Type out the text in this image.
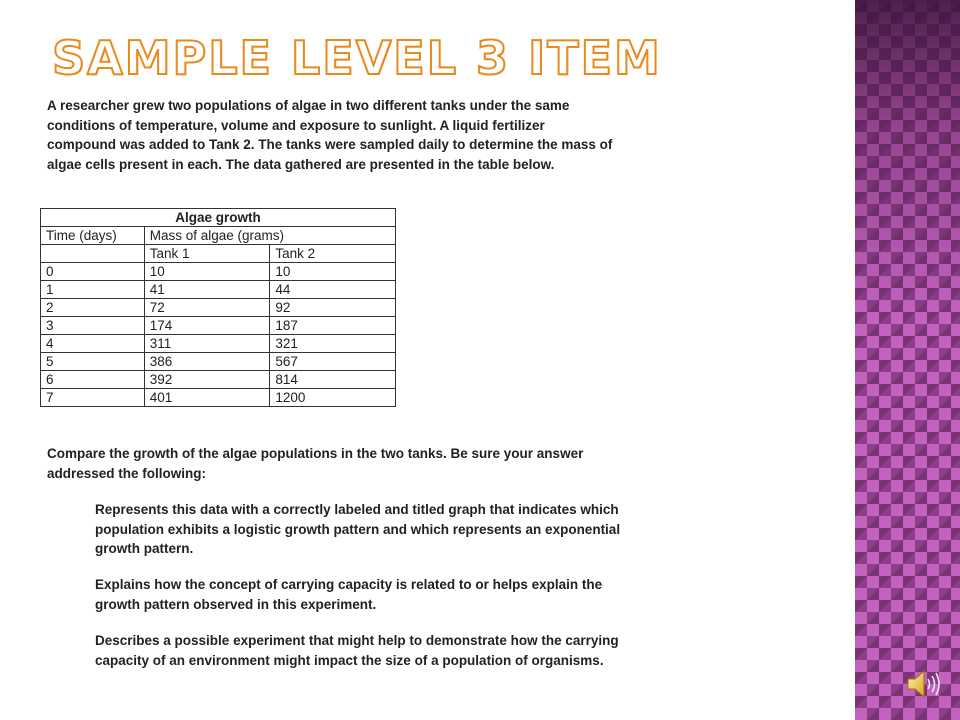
SAMPLE LEVEL 3 ITEM
A researcher grew two populations of algae in two different tanks under the same conditions of temperature, volume and exposure to sunlight. A liquid fertilizer compound was added to Tank 2. The tanks were sampled daily to determine the mass of algae cells present in each. The data gathered are presented in the table below.
Algae growth		
Time (days)	Mass of algae (grams)	
	Tank 1	Tank 2
0	10	10
1	41	44
2	72	92
3	174	187
4	311	321
5	386	567
6	392	814
7	401	1200
Compare the growth of the algae populations in the two tanks. Be sure your answer addressed the following:
Represents this data with a correctly labeled and titled graph that indicates which population exhibits a logistic growth pattern and which represents an exponential growth pattern.
Explains how the concept of carrying capacity is related to or helps explain the growth pattern observed in this experiment.
Describes a possible experiment that might help to demonstrate how the carrying capacity of an environment might impact the size of a population of organisms.
